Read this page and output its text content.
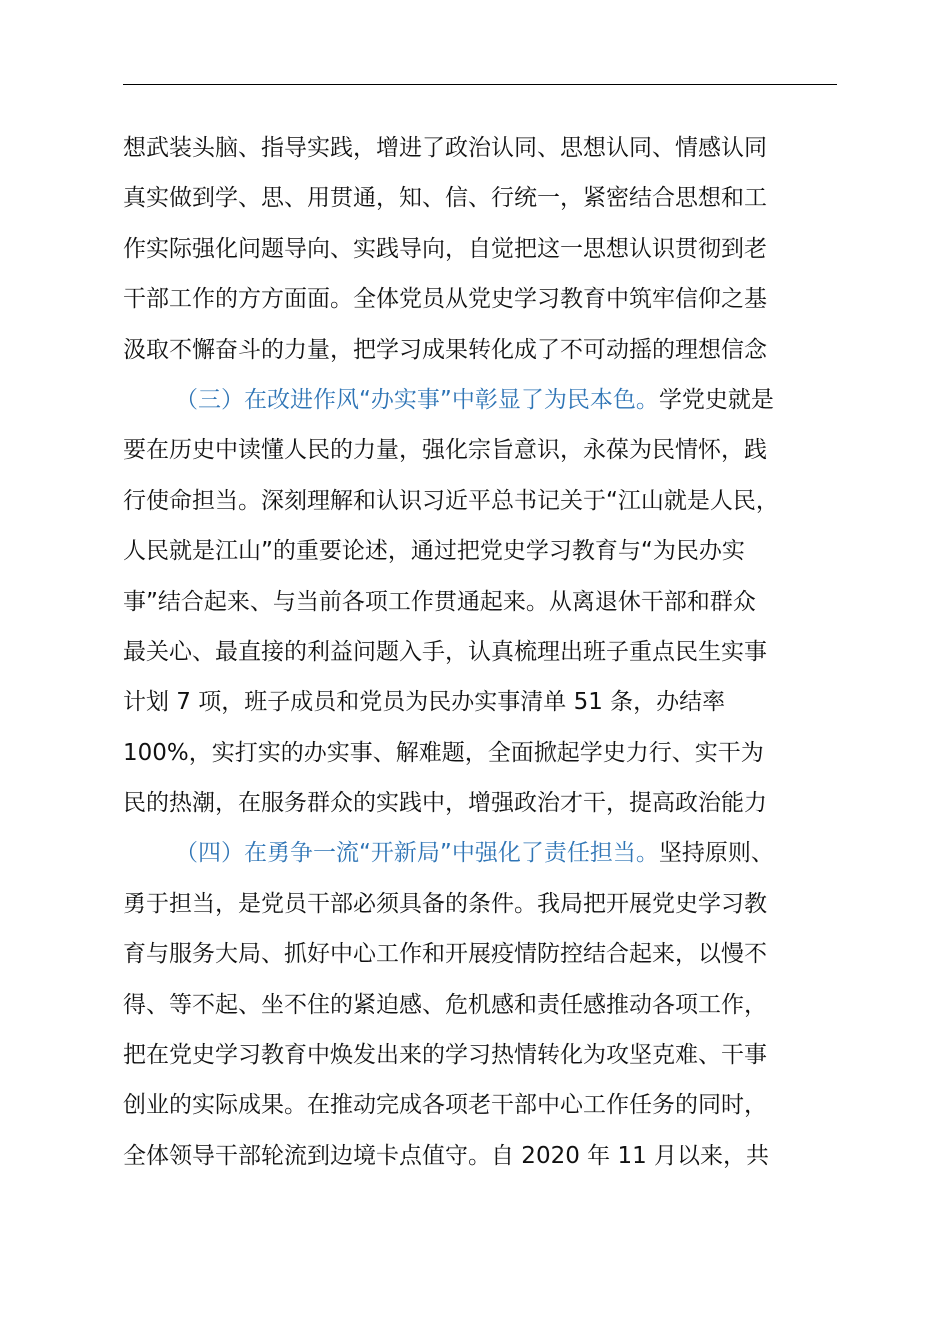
想武装头脑、指导实践，增进了政治认同、思想认同、情感认同
真实做到学、思、用贯通，知、信、行统一，紧密结合思想和工
作实际强化问题导向、实践导向，自觉把这一思想认识贯彻到老
干部工作的方方面面。全体党员从党史学习教育中筑牢信仰之基
汲取不懈奋斗的力量，把学习成果转化成了不可动摇的理想信念
（三）在改进作风“办实事”中彰显了为民本色。学党史就是
要在历史中读懂人民的力量，强化宗旨意识，永葆为民情怀，践
行使命担当。深刻理解和认识习近平总书记关于“江山就是人民，
人民就是江山”的重要论述，通过把党史学习教育与“为民办实
事”结合起来、与当前各项工作贯通起来。从离退休干部和群众
最关心、最直接的利益问题入手，认真梳理出班子重点民生实事
计划 7 项，班子成员和党员为民办实事清单 51 条，办结率
100%，实打实的办实事、解难题，全面掀起学史力行、实干为
民的热潮，在服务群众的实践中，增强政治才干，提高政治能力
（四）在勇争一流“开新局”中强化了责任担当。坚持原则、
勇于担当，是党员干部必须具备的条件。我局把开展党史学习教
育与服务大局、抓好中心工作和开展疫情防控结合起来，以慢不
得、等不起、坐不住的紧迫感、危机感和责任感推动各项工作，
把在党史学习教育中焕发出来的学习热情转化为攻坚克难、干事
创业的实际成果。在推动完成各项老干部中心工作任务的同时，
全体领导干部轮流到边境卡点值守。自 2020 年 11 月以来，共
